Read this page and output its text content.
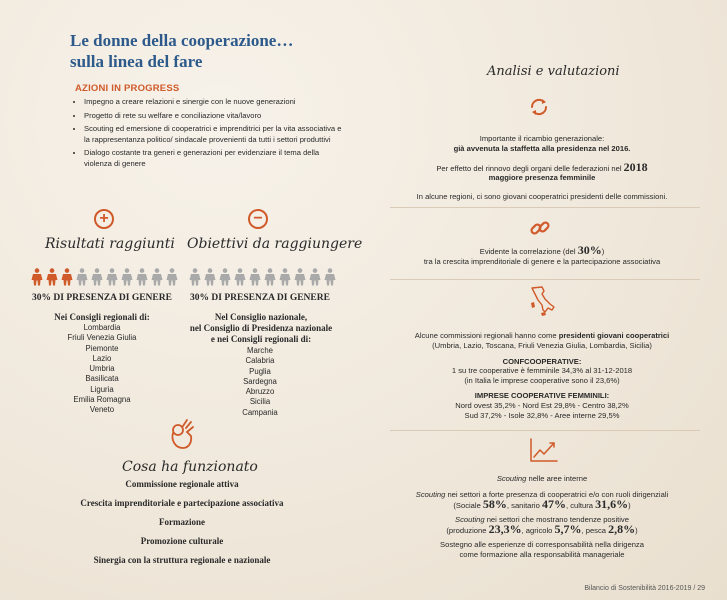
Le donne della cooperazione…
sulla linea del fare
AZIONI IN PROGRESS
• Impegno a creare relazioni e sinergie con le nuove generazioni
• Progetto di rete su welfare e conciliazione vita/lavoro
• Scouting ed emersione di cooperatrici e imprenditrici per la vita associativa e la rappresentanza politico/ sindacale provenienti da tutti i settori produttivi
• Dialogo costante tra generi e generazioni per evidenziare il tema della violenza di genere
+
Risultati raggiunti
30% DI PRESENZA DI GENERE
Nei Consigli regionali di:
Lombardia
Friuli Venezia Giulia
Piemonte
Lazio
Umbria
Basilicata
Liguria
Emilia Romagna
Veneto
−
Obiettivi da raggiungere
30% DI PRESENZA DI GENERE
Nel Consiglio nazionale,
nel Consiglio di Presidenza nazionale
e nei Consigli regionali di:
Marche
Calabria
Puglia
Sardegna
Abruzzo
Sicilia
Campania
Cosa ha funzionato
Commissione regionale attiva
Crescita imprenditoriale e partecipazione associativa
Formazione
Promozione culturale
Sinergia con la struttura regionale e nazionale
Analisi e valutazioni
Importante il ricambio generazionale:
già avvenuta la staffetta alla presidenza nel 2016.
Per effetto del rinnovo degli organi delle federazioni nel 2018
maggiore presenza femminile
In alcune regioni, ci sono giovani cooperatrici presidenti delle commissioni.
Evidente la correlazione (del 30%)
tra la crescita imprenditoriale di genere e la partecipazione associativa
Alcune commissioni regionali hanno come presidenti giovani cooperatrici
(Umbria, Lazio, Toscana, Friuli Venezia Giulia, Lombardia, Sicilia)
CONFCOOPERATIVE:
1 su tre cooperative è femminile 34,3% al 31-12-2018
(in Italia le imprese cooperative sono il 23,6%)
IMPRESE COOPERATIVE FEMMINILI:
Nord ovest 35,2% - Nord Est 29,8% - Centro 38,2%
Sud 37,2% - Isole 32,8% - Aree interne 29,5%
Scouting nelle aree interne
Scouting nei settori a forte presenza di cooperatrici e/o con ruoli dirigenziali
(Sociale 58%, sanitario 47%, cultura 31,6%)
Scouting nei settori che mostrano tendenze positive
(produzione 23,3%, agricolo 5,7%, pesca 2,8%)
Sostegno alle esperienze di corresponsabilità nella dirigenza
come formazione alla responsabilità manageriale
Bilancio di Sostenibilità 2016-2019 / 29
